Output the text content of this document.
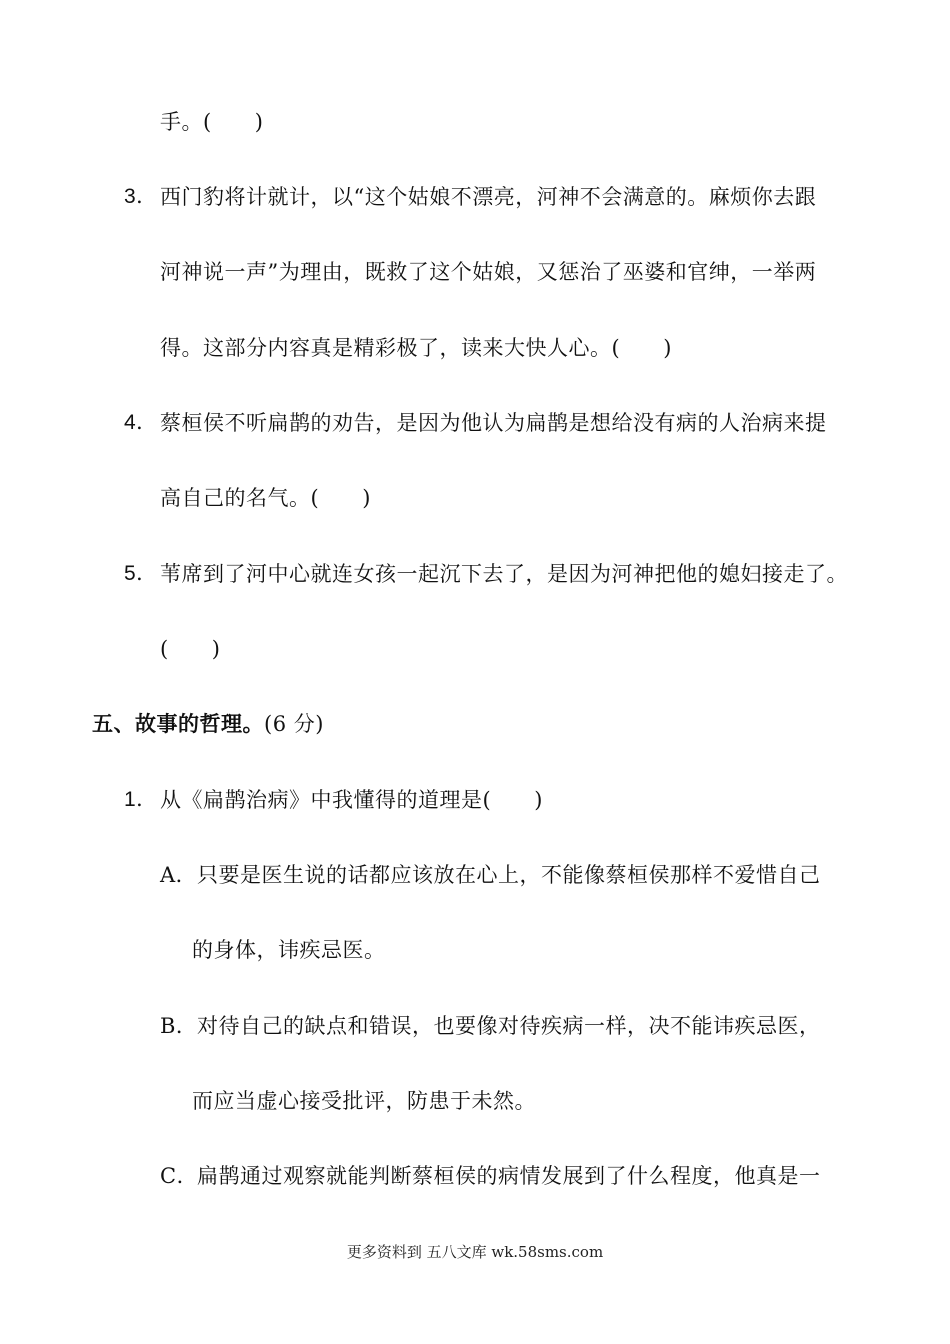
手。(　　)
3． 西门豹将计就计，以“这个姑娘不漂亮，河神不会满意的。麻烦你去跟
河神说一声”为理由，既救了这个姑娘，又惩治了巫婆和官绅，一举两
得。这部分内容真是精彩极了，读来大快人心。(　　)
4． 蔡桓侯不听扁鹊的劝告，是因为他认为扁鹊是想给没有病的人治病来提
高自己的名气。(　　)
5． 苇席到了河中心就连女孩一起沉下去了，是因为河神把他的媳妇接走了。
(　　)
五、故事的哲理。(6 分)
1． 从《扁鹊治病》中我懂得的道理是(　　)
A． 只要是医生说的话都应该放在心上，不能像蔡桓侯那样不爱惜自己
的身体，讳疾忌医。
B． 对待自己的缺点和错误，也要像对待疾病一样，决不能讳疾忌医，
而应当虚心接受批评，防患于未然。
C．
扁鹊通过观察就能判断蔡桓侯的病情发展到了什么程度，他真是一
更多资料到 五八文库 wk.58sms.com
